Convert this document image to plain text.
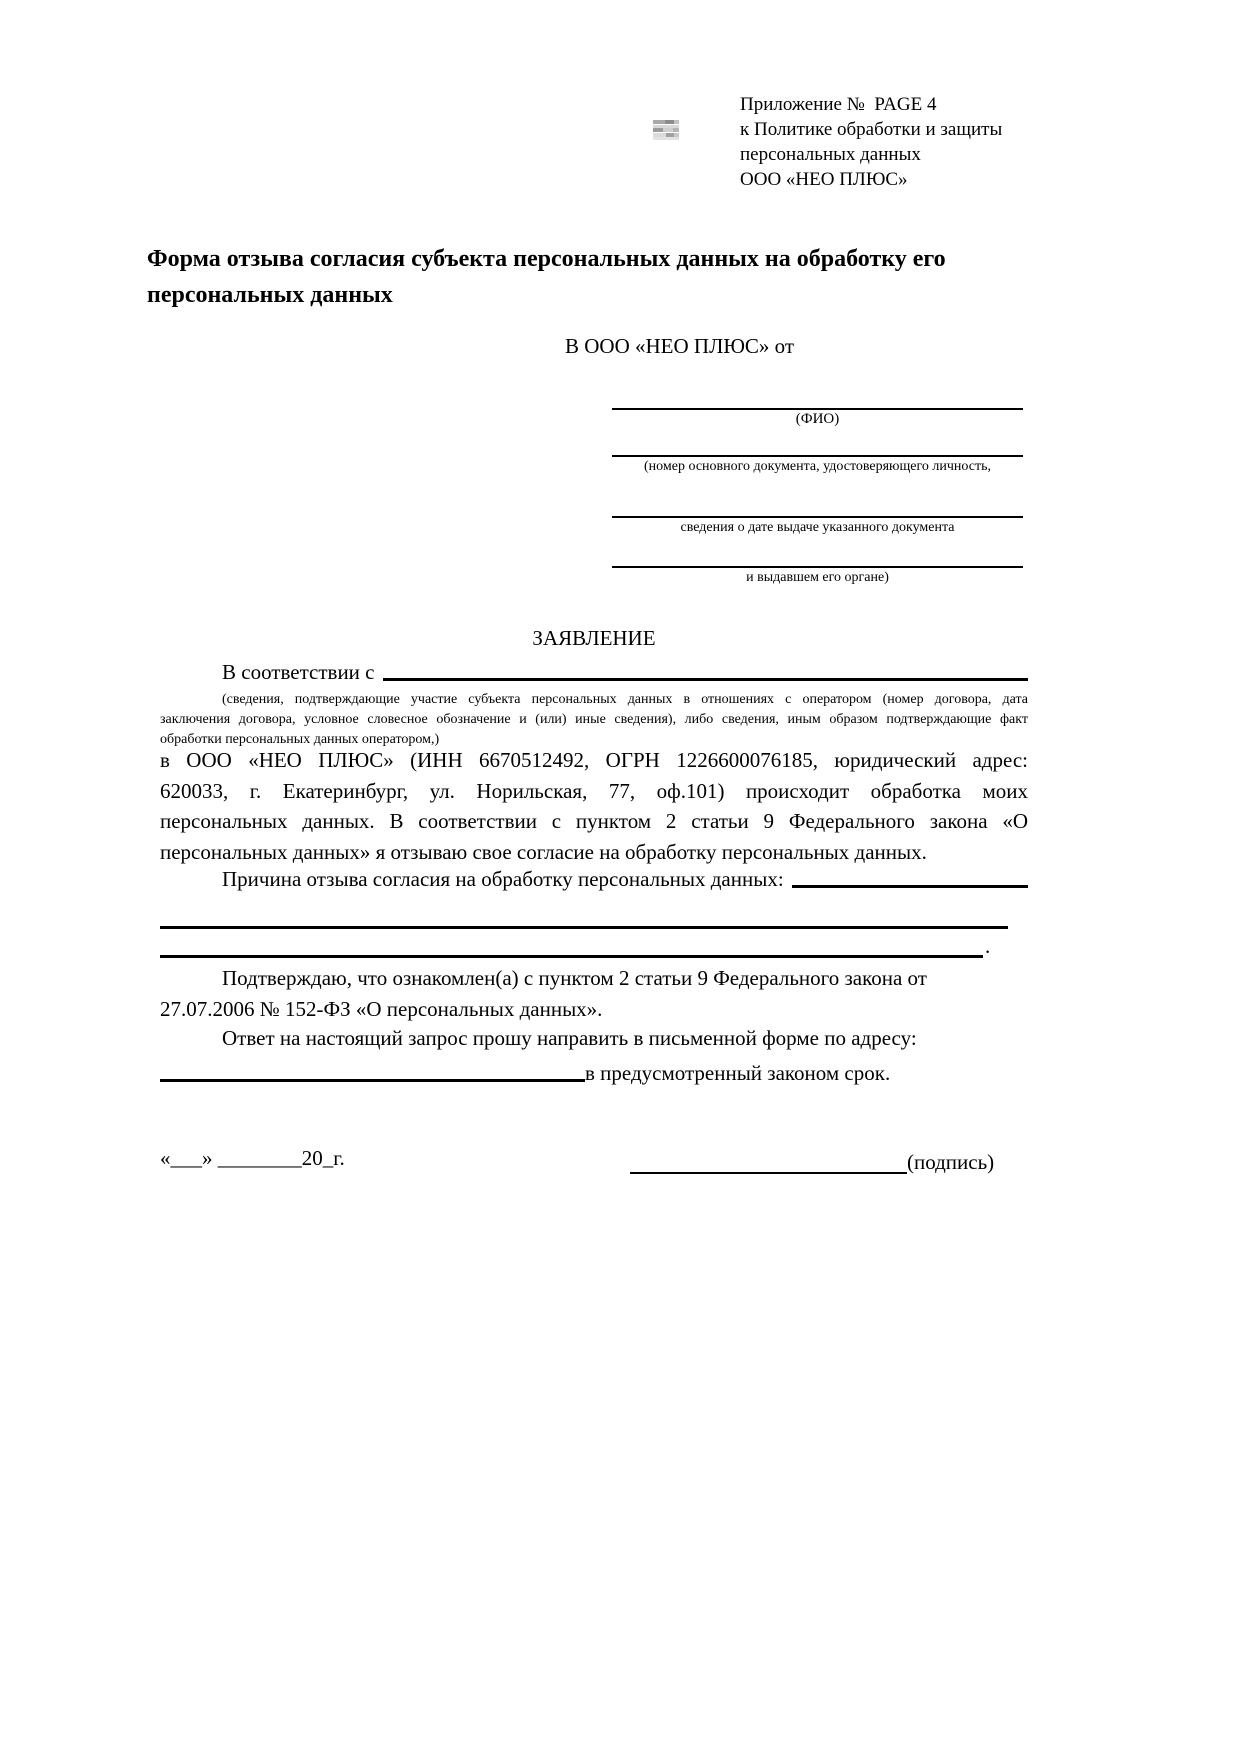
Приложение №  PAGE 4
к Политике обработки и защиты
персональных данных
ООО «НЕО ПЛЮС»
Форма отзыва согласия субъекта персональных данных на обработку его
персональных данных
В ООО «НЕО ПЛЮС» от
(ФИО)
(номер основного документа, удостоверяющего личность,
сведения о дате выдаче указанного документа
и выдавшем его органе)
ЗАЯВЛЕНИЕ
В соответствии с
(сведения, подтверждающие участие субъекта персональных данных в отношениях с оператором (номер договора, дата
заключения договора, условное словесное обозначение и (или) иные сведения), либо сведения, иным образом подтверждающие факт
обработки персональных данных оператором,)
в ООО «НЕО ПЛЮС» (ИНН 6670512492, ОГРН 1226600076185, юридический адрес:
620033, г. Екатеринбург, ул. Норильская, 77, оф.101) происходит обработка моих
персональных данных. В соответствии с пунктом 2 статьи 9 Федерального закона «О
персональных данных» я отзываю свое согласие на обработку персональных данных.
Причина отзыва согласия на обработку персональных данных:
.
Подтверждаю, что ознакомлен(а) с пунктом 2 статьи 9 Федерального закона от
27.07.2006 № 152-ФЗ «О персональных данных».
Ответ на настоящий запрос прошу направить в письменной форме по адресу:
в предусмотренный законом срок.
«___» ________20_г.	(подпись)
